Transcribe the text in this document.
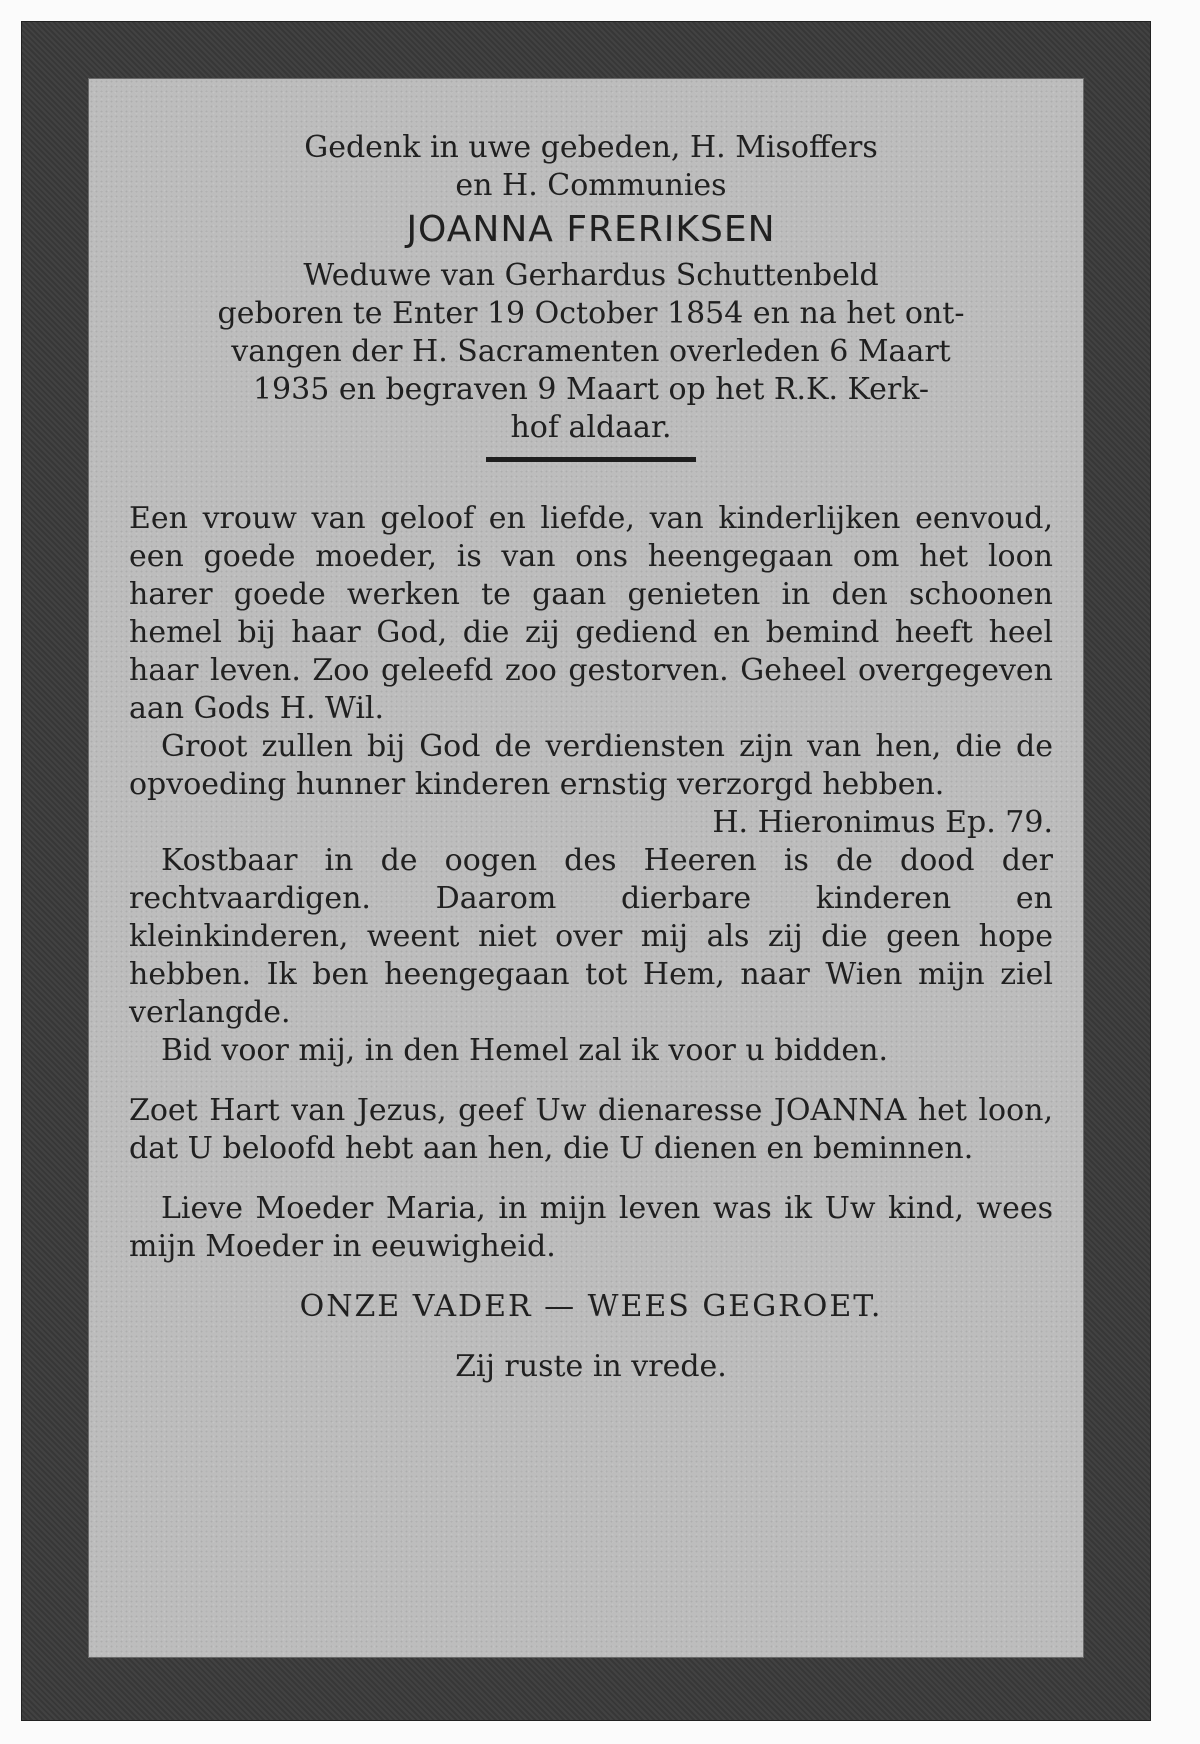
Gedenk in uwe gebeden, H. Misoffers
en H. Communies
JOANNA FRERIKSEN
Weduwe van Gerhardus Schuttenbeld
geboren te Enter 19 October 1854 en na het ont-
vangen der H. Sacramenten overleden 6 Maart
1935 en begraven 9 Maart op het R.K. Kerk-
hof aldaar.

Een vrouw van geloof en liefde, van kinderlijken eenvoud, een goede moeder, is van ons heengegaan om het loon harer goede werken te gaan genieten in den schoonen hemel bij haar God, die zij gediend en bemind heeft heel haar leven. Zoo geleefd zoo gestorven. Geheel overgegeven aan Gods H. Wil.

Groot zullen bij God de verdiensten zijn van hen, die de opvoeding hunner kinderen ernstig verzorgd hebben.

H. Hieronimus Ep. 79.

Kostbaar in de oogen des Heeren is de dood der rechtvaardigen. Daarom dierbare kinderen en kleinkinderen, weent niet over mij als zij die geen hope hebben. Ik ben heengegaan tot Hem, naar Wien mijn ziel verlangde.

Bid voor mij, in den Hemel zal ik voor u bidden.

Zoet Hart van Jezus, geef Uw dienaresse JOANNA het loon, dat U beloofd hebt aan hen, die U dienen en beminnen.

Lieve Moeder Maria, in mijn leven was ik Uw kind, wees mijn Moeder in eeuwigheid.

ONZE VADER — WEES GEGROET.

Zij ruste in vrede.
